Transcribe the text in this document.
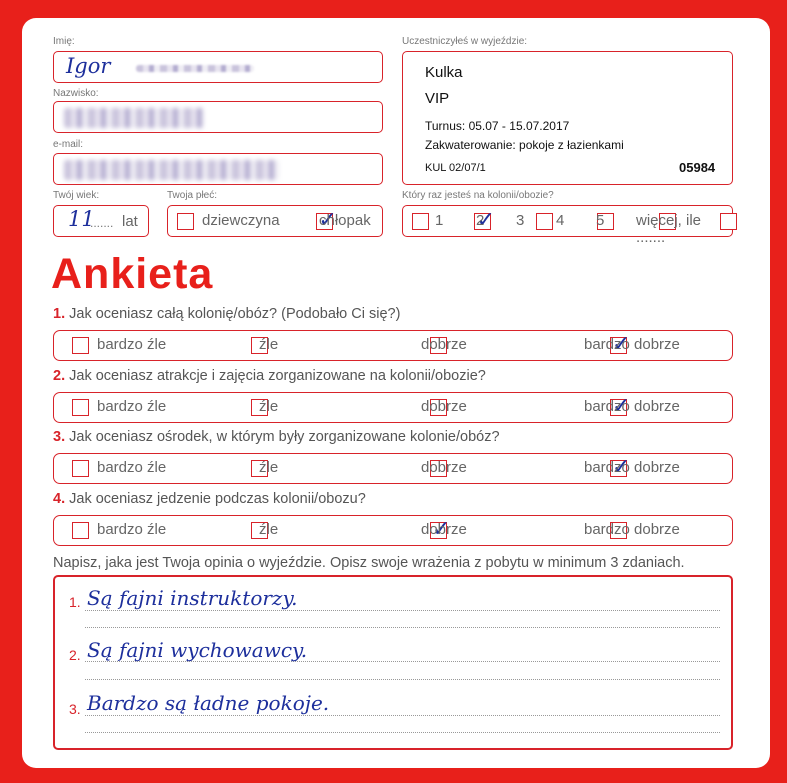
Imię:
Igor
Nazwisko:
e-mail:
Twój wiek:
11
....... lat
Twoja płeć:

dziewczyna ✓	chłopak
Uczestniczyłeś w wyjeździe:
Kulka
VIP
Turnus: 05.07 - 15.07.2017
Zakwaterowanie: pokoje z łazienkami
KUL 02/07/1	05984
Który raz jesteś na kolonii/obozie?

1 ✓ 2
3
4
5 więcej, ile .......
Ankieta
1. Jak oceniasz całą kolonię/obóz? (Podobało Ci się?)
bardzo źle	źle	dobrze ✓	bardzo dobrze
2. Jak oceniasz atrakcje i zajęcia zorganizowane na kolonii/obozie?
bardzo źle	źle	dobrze ✓	bardzo dobrze
3. Jak oceniasz ośrodek, w którym były zorganizowane kolonie/obóz?
bardzo źle	źle	dobrze ✓	bardzo dobrze
4. Jak oceniasz jedzenie podczas kolonii/obozu?
bardzo źle	źle ✓	dobrze	bardzo dobrze
Napisz, jaka jest Twoja opinia o wyjeździe. Opisz swoje wrażenia z pobytu w minimum 3 zdaniach.
1. Są fajni instruktorzy.
2. Są fajni wychowawcy.
3. Bardzo są ładne pokoje.
